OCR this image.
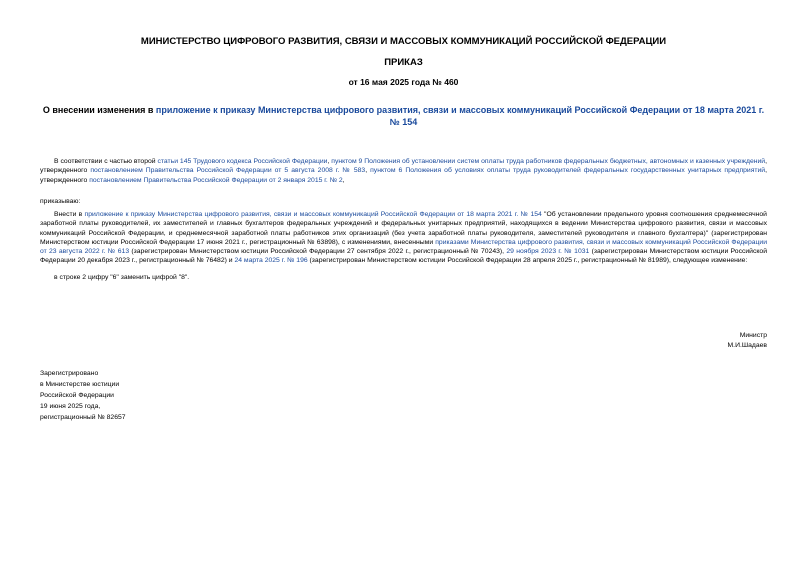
МИНИСТЕРСТВО ЦИФРОВОГО РАЗВИТИЯ, СВЯЗИ И МАССОВЫХ КОММУНИКАЦИЙ РОССИЙСКОЙ ФЕДЕРАЦИИ
ПРИКАЗ
от 16 мая 2025 года № 460
О внесении изменения в приложение к приказу Министерства цифрового развития, связи и массовых коммуникаций Российской Федерации от 18 марта 2021 г. № 154
В соответствии с частью второй статьи 145 Трудового кодекса Российской Федерации, пунктом 9 Положения об установлении систем оплаты труда работников федеральных бюджетных, автономных и казенных учреждений, утвержденного постановлением Правительства Российской Федерации от 5 августа 2008 г. № 583, пунктом 6 Положения об условиях оплаты труда руководителей федеральных государственных унитарных предприятий, утвержденного постановлением Правительства Российской Федерации от 2 января 2015 г. № 2,
приказываю:
Внести в приложение к приказу Министерства цифрового развития, связи и массовых коммуникаций Российской Федерации от 18 марта 2021 г. № 154 "Об установлении предельного уровня соотношения среднемесячной заработной платы руководителей, их заместителей и главных бухгалтеров федеральных учреждений и федеральных унитарных предприятий, находящихся в ведении Министерства цифрового развития, связи и массовых коммуникаций Российской Федерации, и среднемесячной заработной платы работников этих организаций (без учета заработной платы руководителя, заместителей руководителя и главного бухгалтера)" (зарегистрирован Министерством юстиции Российской Федерации 17 июня 2021 г., регистрационный № 63898), с изменениями, внесенными приказами Министерства цифрового развития, связи и массовых коммуникаций Российской Федерации от 23 августа 2022 г. № 613 (зарегистрирован Министерством юстиции Российской Федерации 27 сентября 2022 г., регистрационный № 70243), 29 ноября 2023 г. № 1031 (зарегистрирован Министерством юстиции Российской Федерации 20 декабря 2023 г., регистрационный № 76482) и 24 марта 2025 г. № 196 (зарегистрирован Министерством юстиции Российской Федерации 28 апреля 2025 г., регистрационный № 81989), следующее изменение:
в строке 2 цифру "6" заменить цифрой "8".
Министр
М.И.Шадаев
Зарегистрировано
в Министерстве юстиции
Российской Федерации
19 июня 2025 года,
регистрационный № 82657
